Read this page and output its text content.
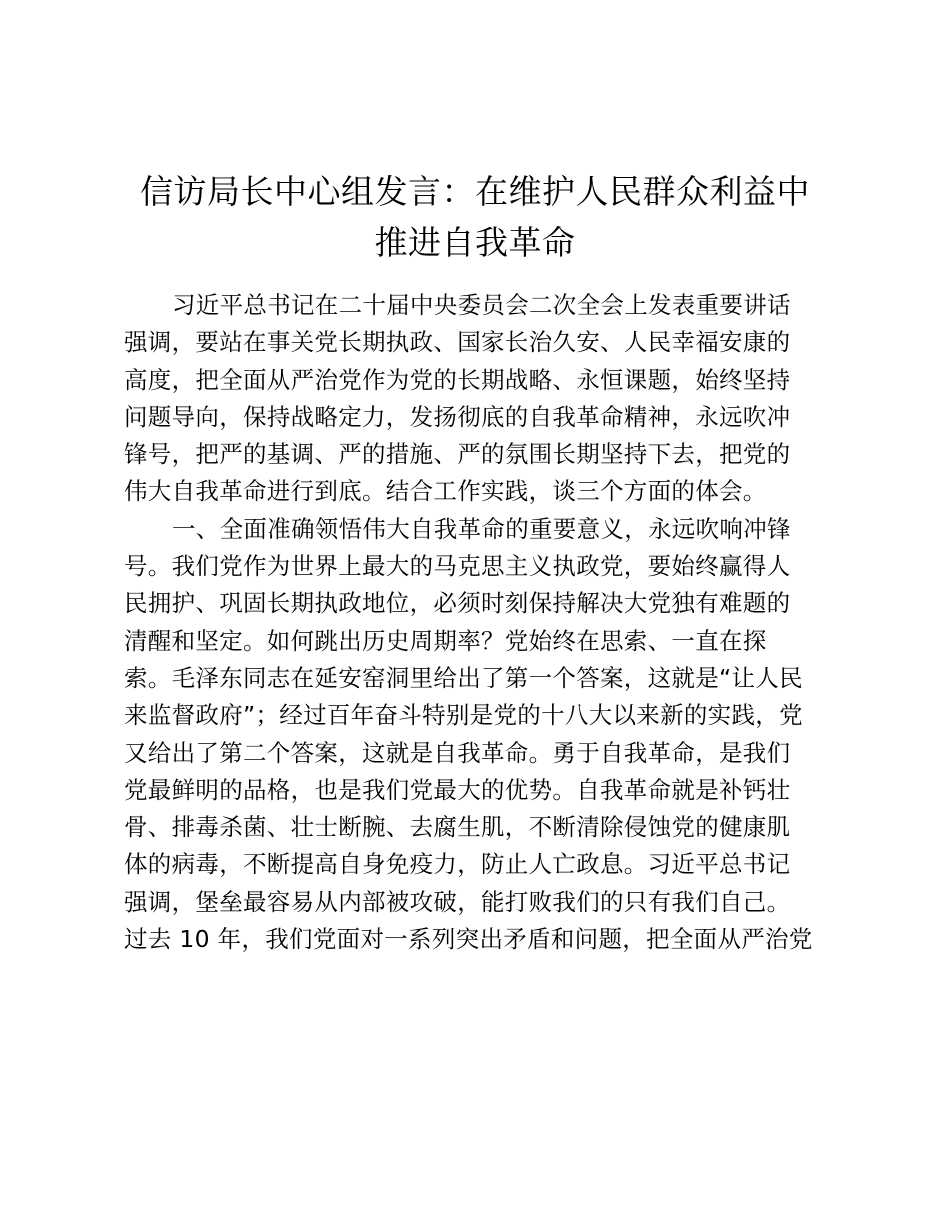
信访局长中心组发言：在维护人民群众利益中
推进自我革命

习近平总书记在二十届中央委员会二次全会上发表重要讲话
强调，要站在事关党长期执政、国家长治久安、人民幸福安康的
高度，把全面从严治党作为党的长期战略、永恒课题，始终坚持
问题导向，保持战略定力，发扬彻底的自我革命精神，永远吹冲
锋号，把严的基调、严的措施、严的氛围长期坚持下去，把党的
伟大自我革命进行到底。结合工作实践，谈三个方面的体会。

一、全面准确领悟伟大自我革命的重要意义，永远吹响冲锋
号。我们党作为世界上最大的马克思主义执政党，要始终赢得人
民拥护、巩固长期执政地位，必须时刻保持解决大党独有难题的
清醒和坚定。如何跳出历史周期率？党始终在思索、一直在探
索。毛泽东同志在延安窑洞里给出了第一个答案，这就是“让人民
来监督政府”；经过百年奋斗特别是党的十八大以来新的实践，党
又给出了第二个答案，这就是自我革命。勇于自我革命，是我们
党最鲜明的品格，也是我们党最大的优势。自我革命就是补钙壮
骨、排毒杀菌、壮士断腕、去腐生肌，不断清除侵蚀党的健康肌
体的病毒，不断提高自身免疫力，防止人亡政息。习近平总书记
强调，堡垒最容易从内部被攻破，能打败我们的只有我们自己。
过去 10 年，我们党面对一系列突出矛盾和问题，把全面从严治党
